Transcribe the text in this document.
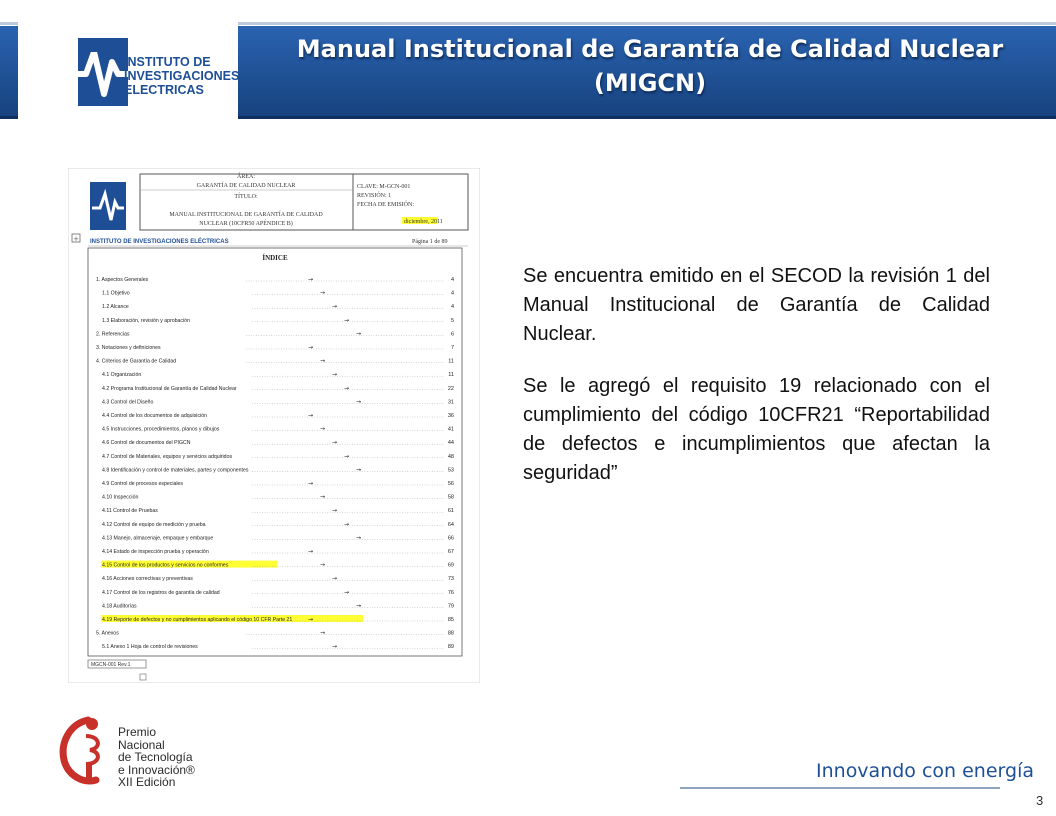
INSTITUTO DE
INVESTIGACIONES
ELECTRICAS
Manual Institucional de Garantía de Calidad Nuclear
(MIGCN)
ÁREA:
GARANTÍA DE CALIDAD NUCLEAR
TÍTULO:
MANUAL INSTITUCIONAL DE GARANTÍA DE CALIDAD
NUCLEAR (10CFR50 APÉNDICE B)
CLAVE: M-GCN-001
REVISIÓN: 1
FECHA DE EMISIÓN:
diciembre, 2011
+ INSTITUTO DE INVESTIGACIONES ELÉCTRICAS	Página 1 de 89
ÍNDICE
1. Aspectos Generales	→	4
1.1 Objetivo	→	4
1.2 Alcance	→	4
1.3 Elaboración, revisión y aprobación	→	5
2. Referencias	→	6
3. Notaciones y definiciones	→	7
4. Criterios de Garantía de Calidad	→	11
4.1 Organización	→	11
4.2 Programa Institucional de Garantía de Calidad Nuclear	→	22
4.3 Control del Diseño	→	31
4.4 Control de los documentos de adquisición	→	36
4.5 Instrucciones, procedimientos, planos y dibujos	→	41
4.6 Control de documentos del PIGCN	→	44
4.7 Control de Materiales, equipos y servicios adquiridos	→	48
4.8 Identificación y control de materiales, partes y componentes	→	53
4.9 Control de procesos especiales	→	56
4.10 Inspección	→	58
4.11 Control de Pruebas	→	61
4.12 Control de equipo de medición y prueba	→	64
4.13 Manejo, almacenaje, empaque y embarque	→	66
4.14 Estado de inspección prueba y operación	→	67
4.15 Control de los productos y servicios no conformes	→	69
4.16 Acciones correctivas y preventivas	→	73
4.17 Control de los registros de garantía de calidad	→	76
4.18 Auditorías	→	79
4.19 Reporte de defectos y no cumplimientos aplicando el código 10 CFR Parte 21	→	85
5. Anexos	→	88
5.1 Anexo 1 Hoja de control de revisiones	→	89
MGCN-001 Rev.1

Se encuentra emitido en el SECOD la revisión 1 del Manual Institucional de Garantía de Calidad Nuclear.

Se le agregó el requisito 19 relacionado con el cumplimiento del código 10CFR21 “Reportabilidad de defectos e incumplimientos que afectan la seguridad”

Premio
Nacional
de Tecnología
e Innovación®
XII Edición	Innovando con energía
3
